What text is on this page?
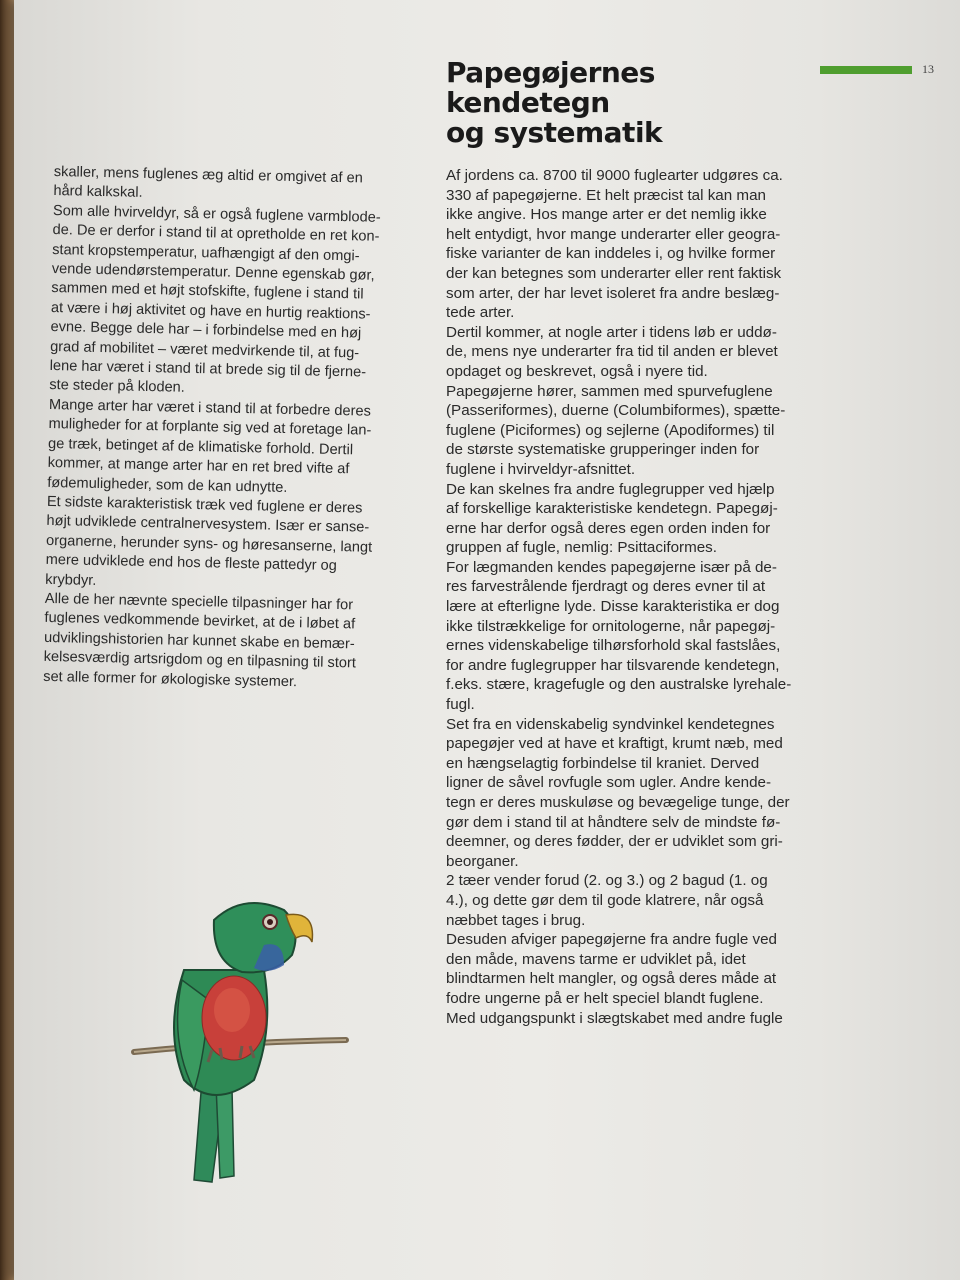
13
Papegøjernes
kendetegn
og systematik
skaller, mens fuglenes æg altid er omgivet af en
hård kalkskal.
Som alle hvirveldyr, så er også fuglene varmblode-
de. De er derfor i stand til at opretholde en ret kon-
stant kropstemperatur, uafhængigt af den omgi-
vende udendørstemperatur. Denne egenskab gør,
sammen med et højt stofskifte, fuglene i stand til
at være i høj aktivitet og have en hurtig reaktions-
evne. Begge dele har – i forbindelse med en høj
grad af mobilitet – været medvirkende til, at fug-
lene har været i stand til at brede sig til de fjerne-
ste steder på kloden.
Mange arter har været i stand til at forbedre deres
muligheder for at forplante sig ved at foretage lan-
ge træk, betinget af de klimatiske forhold. Dertil
kommer, at mange arter har en ret bred vifte af
fødemuligheder, som de kan udnytte.
Et sidste karakteristisk træk ved fuglene er deres
højt udviklede centralnervesystem. Især er sanse-
organerne, herunder syns- og høresanserne, langt
mere udviklede end hos de fleste pattedyr og
krybdyr.
Alle de her nævnte specielle tilpasninger har for
fuglenes vedkommende bevirket, at de i løbet af
udviklingshistorien har kunnet skabe en bemær-
kelsesværdig artsrigdom og en tilpasning til stort
set alle former for økologiske systemer.
Af jordens ca. 8700 til 9000 fuglearter udgøres ca.
330 af papegøjerne. Et helt præcist tal kan man
ikke angive. Hos mange arter er det nemlig ikke
helt entydigt, hvor mange underarter eller geogra-
fiske varianter de kan inddeles i, og hvilke former
der kan betegnes som underarter eller rent faktisk
som arter, der har levet isoleret fra andre beslæg-
tede arter.
Dertil kommer, at nogle arter i tidens løb er uddø-
de, mens nye underarter fra tid til anden er blevet
opdaget og beskrevet, også i nyere tid.
Papegøjerne hører, sammen med spurvefuglene
(Passeriformes), duerne (Columbiformes), spætte-
fuglene (Piciformes) og sejlerne (Apodiformes) til
de største systematiske grupperinger inden for
fuglene i hvirveldyr-afsnittet.
De kan skelnes fra andre fuglegrupper ved hjælp
af forskellige karakteristiske kendetegn. Papegøj-
erne har derfor også deres egen orden inden for
gruppen af fugle, nemlig: Psittaciformes.
For lægmanden kendes papegøjerne især på de-
res farvestrålende fjerdragt og deres evner til at
lære at efterligne lyde. Disse karakteristika er dog
ikke tilstrækkelige for ornitologerne, når papegøj-
ernes videnskabelige tilhørsforhold skal fastslåes,
for andre fuglegrupper har tilsvarende kendetegn,
f.eks. stære, kragefugle og den australske lyrehale-
fugl.
Set fra en videnskabelig syndvinkel kendetegnes
papegøjer ved at have et kraftigt, krumt næb, med
en hængselagtig forbindelse til kraniet. Derved
ligner de såvel rovfugle som ugler. Andre kende-
tegn er deres muskuløse og bevægelige tunge, der
gør dem i stand til at håndtere selv de mindste fø-
deemner, og deres fødder, der er udviklet som gri-
beorganer.
2 tæer vender forud (2. og 3.) og 2 bagud (1. og
4.), og dette gør dem til gode klatrere, når også
næbbet tages i brug.
Desuden afviger papegøjerne fra andre fugle ved
den måde, mavens tarme er udviklet på, idet
blindtarmen helt mangler, og også deres måde at
fodre ungerne på er helt speciel blandt fuglene.
Med udgangspunkt i slægtskabet med andre fugle
